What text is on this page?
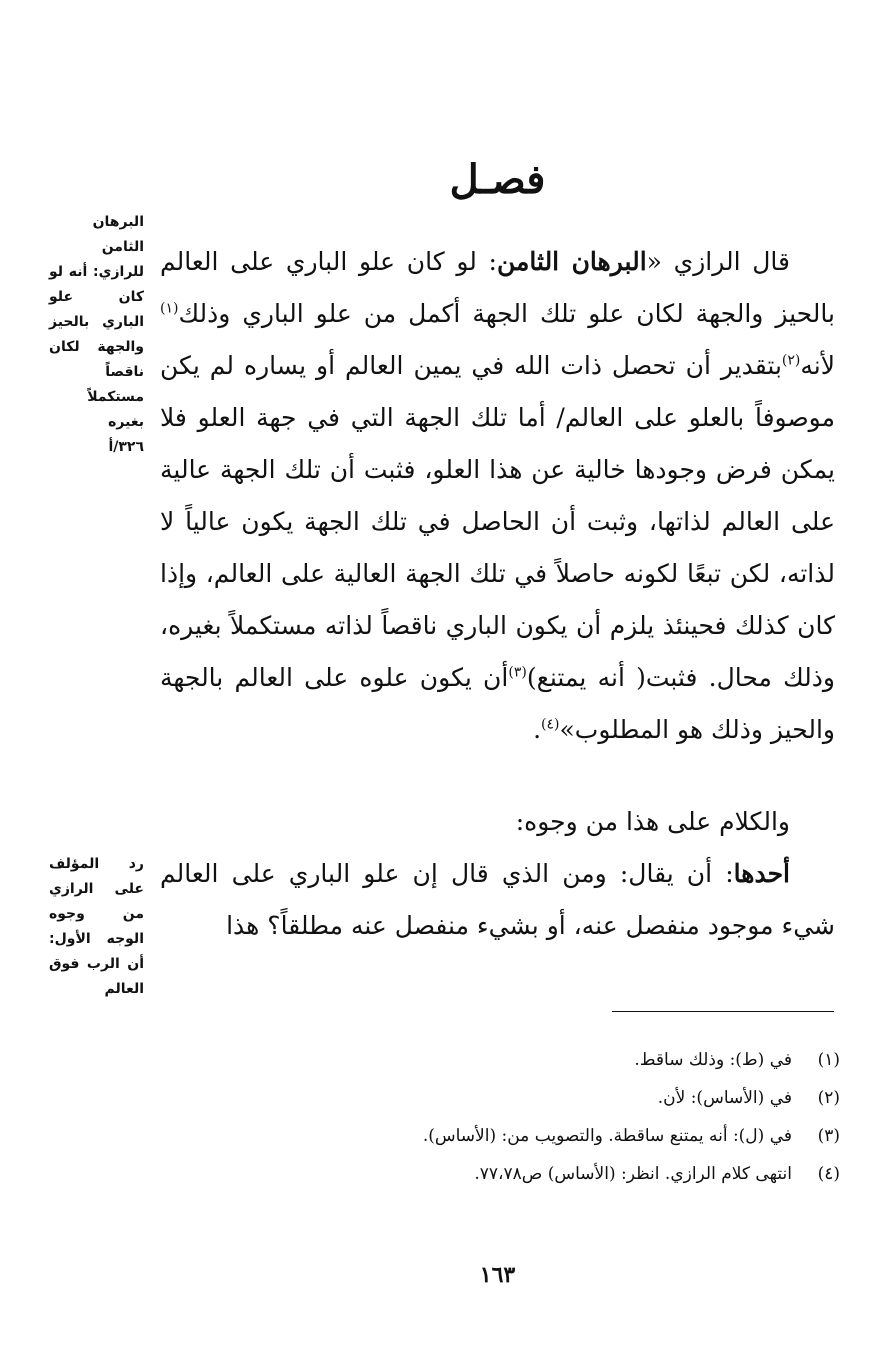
فصـل

قال الرازي «البرهان الثامن: لو كان علو الباري على العالم بالحيز والجهة لكان علو تلك الجهة أكمل من علو الباري وذلك$^{(١)}$ لأنه$^{(٢)}$بتقدير أن تحصل ذات الله في يمين العالم أو يساره لم يكن موصوفاً بالعلو على العالم/ أما تلك الجهة التي في جهة العلو فلا يمكن فرض وجودها خالية عن هذا العلو، فثبت أن تلك الجهة عالية على العالم لذاتها، وثبت أن الحاصل في تلك الجهة يكون عالياً لا لذاته، لكن تبعًا لكونه حاصلاً في تلك الجهة العالية على العالم، وإذا كان كذلك فحينئذ يلزم أن يكون الباري ناقصاً لذاته مستكملاً بغيره، وذلك محال. فثبت( أنه يمتنع)$^{(٣)}$أن يكون علوه على العالم بالجهة والحيز وذلك هو المطلوب»$^{(٤)}$.

والكلام على هذا من وجوه:

أحدها: أن يقال: ومن الذي قال إن علو الباري على العالم شيء موجود منفصل عنه، أو بشيء منفصل عنه مطلقاً؟ هذا

البرهان الثامن للرازي: أنه لو كان علو الباري بالحيز والجهة لكان ناقصاً مستكملاً بغيره
٣٢٦/أ
رد المؤلف على الرازي من وجوه الوجه الأول: أن الرب فوق العالم
(١)في (ط): وذلك ساقط.
(٢)في (الأساس): لأن.
(٣)في (ل): أنه يمتنع ساقطة. والتصويب من: (الأساس).
(٤)انتهى كلام الرازي. انظر: (الأساس) ص٧٧،٧٨.
١٦٣
